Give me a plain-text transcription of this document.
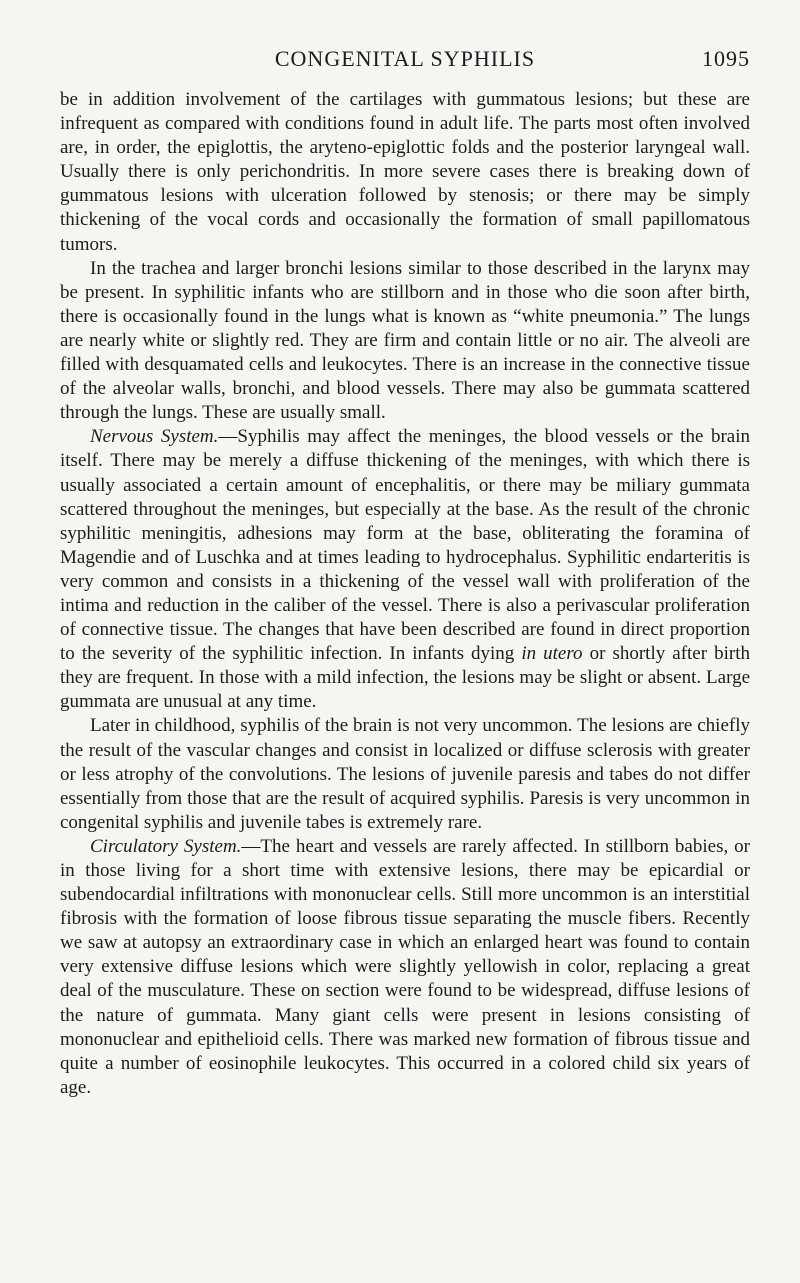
CONGENITAL SYPHILIS	1095

be in addition involvement of the cartilages with gummatous lesions; but these are infrequent as compared with conditions found in adult life. The parts most often involved are, in order, the epiglottis, the aryteno-epiglottic folds and the posterior laryngeal wall. Usually there is only perichondritis. In more severe cases there is breaking down of gummatous lesions with ulceration followed by stenosis; or there may be simply thickening of the vocal cords and occasionally the formation of small papillomatous tumors.

In the trachea and larger bronchi lesions similar to those described in the larynx may be present. In syphilitic infants who are stillborn and in those who die soon after birth, there is occasionally found in the lungs what is known as “white pneumonia.” The lungs are nearly white or slightly red. They are firm and contain little or no air. The alveoli are filled with desquamated cells and leukocytes. There is an increase in the connective tissue of the alveolar walls, bronchi, and blood vessels. There may also be gummata scattered through the lungs. These are usually small.

Nervous System.—Syphilis may affect the meninges, the blood vessels or the brain itself. There may be merely a diffuse thickening of the meninges, with which there is usually associated a certain amount of encephalitis, or there may be miliary gummata scattered throughout the meninges, but especially at the base. As the result of the chronic syphilitic meningitis, adhesions may form at the base, obliterating the foramina of Magendie and of Luschka and at times leading to hydrocephalus. Syphilitic endarteritis is very common and consists in a thickening of the vessel wall with proliferation of the intima and reduction in the caliber of the vessel. There is also a perivascular proliferation of connective tissue. The changes that have been described are found in direct proportion to the severity of the syphilitic infection. In infants dying in utero or shortly after birth they are frequent. In those with a mild infection, the lesions may be slight or absent. Large gummata are unusual at any time.

Later in childhood, syphilis of the brain is not very uncommon. The lesions are chiefly the result of the vascular changes and consist in localized or diffuse sclerosis with greater or less atrophy of the convolutions. The lesions of juvenile paresis and tabes do not differ essentially from those that are the result of acquired syphilis. Paresis is very uncommon in congenital syphilis and juvenile tabes is extremely rare.

Circulatory System.—The heart and vessels are rarely affected. In stillborn babies, or in those living for a short time with extensive lesions, there may be epicardial or subendocardial infiltrations with mononuclear cells. Still more uncommon is an interstitial fibrosis with the formation of loose fibrous tissue separating the muscle fibers. Recently we saw at autopsy an extraordinary case in which an enlarged heart was found to contain very extensive diffuse lesions which were slightly yellowish in color, replacing a great deal of the musculature. These on section were found to be widespread, diffuse lesions of the nature of gummata. Many giant cells were present in lesions consisting of mononuclear and epithelioid cells. There was marked new formation of fibrous tissue and quite a number of eosinophile leukocytes. This occurred in a colored child six years of age.
